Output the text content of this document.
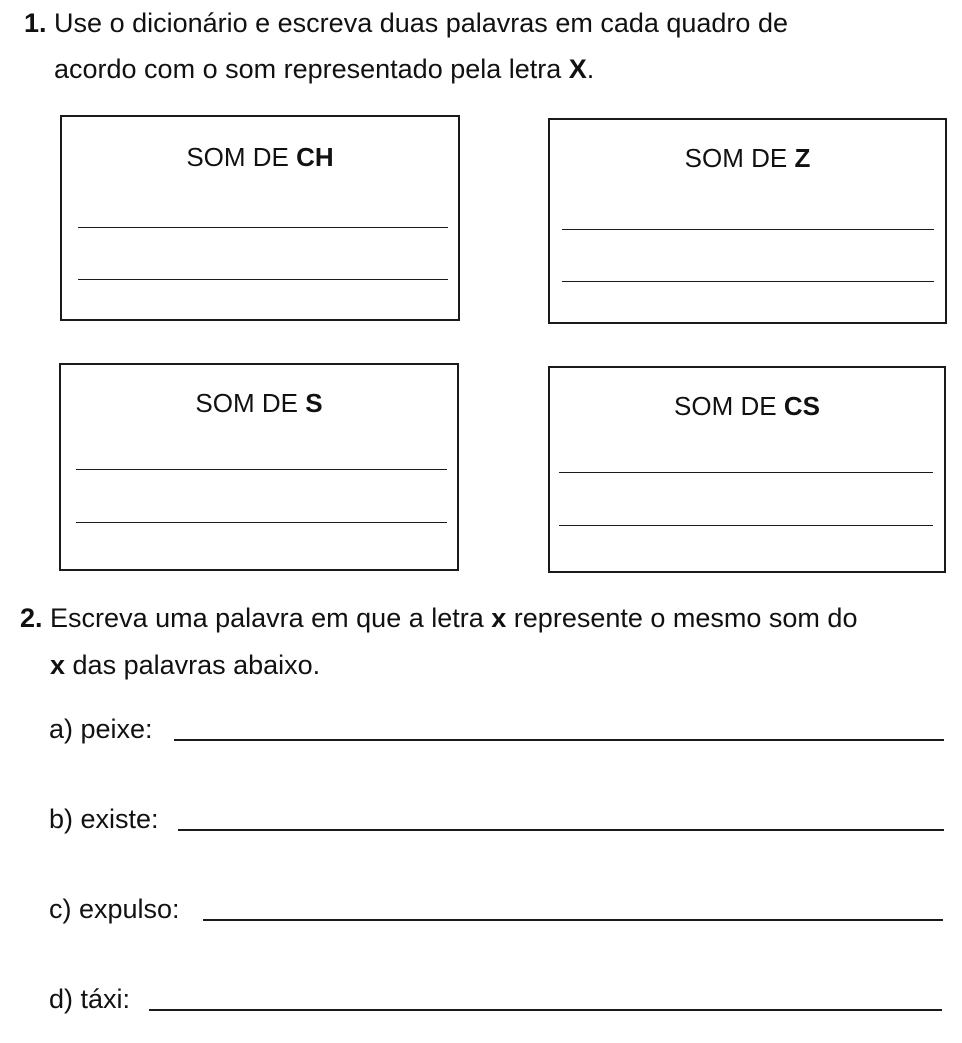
1. Use o dicionário e escreva duas palavras em cada quadro de
acordo com o som representado pela letra X.
SOM DE CH	SOM DE Z
SOM DE S	SOM DE CS
2. Escreva uma palavra em que a letra x represente o mesmo som do
x das palavras abaixo.
a) peixe:
b) existe:
c) expulso:
d) táxi:
